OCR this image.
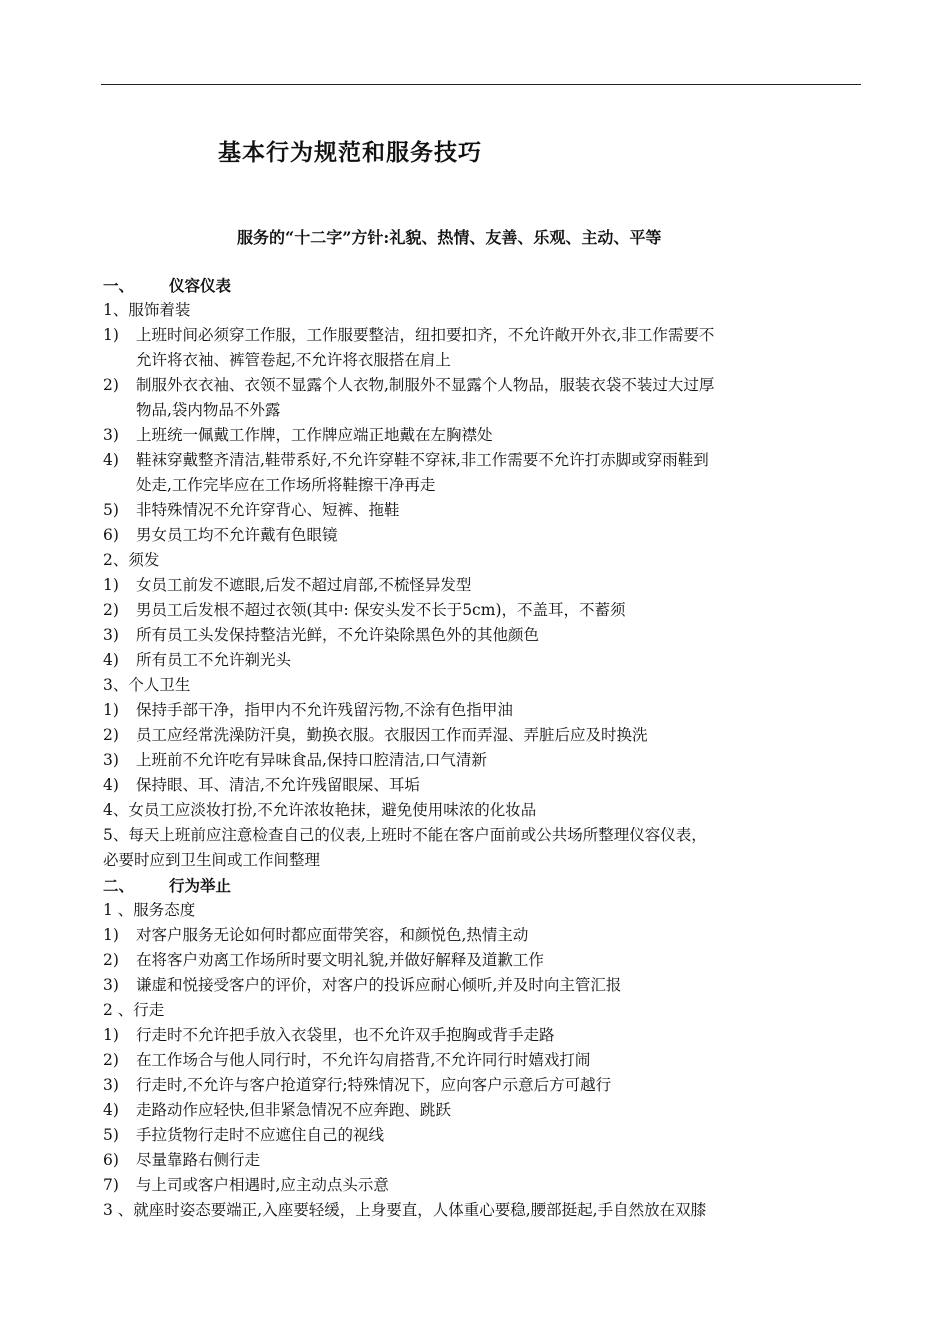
基本行为规范和服务技巧
服务的“十二字”方针:礼貌、热情、友善、乐观、主动、平等
一、 仪容仪表
1、服饰着装
1) 上班时间必须穿工作服，工作服要整洁，纽扣要扣齐，不允许敞开外衣,非工作需要不
允许将衣袖、裤管卷起,不允许将衣服搭在肩上
2) 制服外衣衣袖、衣领不显露个人衣物,制服外不显露个人物品，服装衣袋不装过大过厚
物品,袋内物品不外露
3) 上班统一佩戴工作牌，工作牌应端正地戴在左胸襟处
4) 鞋袜穿戴整齐清洁,鞋带系好,不允许穿鞋不穿袜,非工作需要不允许打赤脚或穿雨鞋到
处走,工作完毕应在工作场所将鞋擦干净再走
5) 非特殊情况不允许穿背心、短裤、拖鞋
6) 男女员工均不允许戴有色眼镜
2、须发
1) 女员工前发不遮眼,后发不超过肩部,不梳怪异发型
2) 男员工后发根不超过衣领(其中: 保安头发不长于5cm)，不盖耳，不蓄须
3) 所有员工头发保持整洁光鲜，不允许染除黑色外的其他颜色
4) 所有员工不允许剃光头
3、个人卫生
1) 保持手部干净，指甲内不允许残留污物,不涂有色指甲油
2) 员工应经常洗澡防汗臭，勤换衣服。衣服因工作而弄湿、弄脏后应及时换洗
3) 上班前不允许吃有异味食品,保持口腔清洁,口气清新
4) 保持眼、耳、清洁,不允许残留眼屎、耳垢
4、女员工应淡妆打扮,不允许浓妆艳抹，避免使用味浓的化妆品
5、每天上班前应注意检查自己的仪表,上班时不能在客户面前或公共场所整理仪容仪表，
必要时应到卫生间或工作间整理
二、 行为举止
1 、服务态度
1) 对客户服务无论如何时都应面带笑容，和颜悦色,热情主动
2) 在将客户劝离工作场所时要文明礼貌,并做好解释及道歉工作
3) 谦虚和悦接受客户的评价，对客户的投诉应耐心倾听,并及时向主管汇报
2 、行走
1) 行走时不允许把手放入衣袋里，也不允许双手抱胸或背手走路
2) 在工作场合与他人同行时，不允许勾肩搭背,不允许同行时嬉戏打闹
3) 行走时,不允许与客户抢道穿行;特殊情况下，应向客户示意后方可越行
4) 走路动作应轻快,但非紧急情况不应奔跑、跳跃
5) 手拉货物行走时不应遮住自己的视线
6) 尽量靠路右侧行走
7) 与上司或客户相遇时,应主动点头示意
3 、就座时姿态要端正,入座要轻缓，上身要直，人体重心要稳,腰部挺起,手自然放在双膝
